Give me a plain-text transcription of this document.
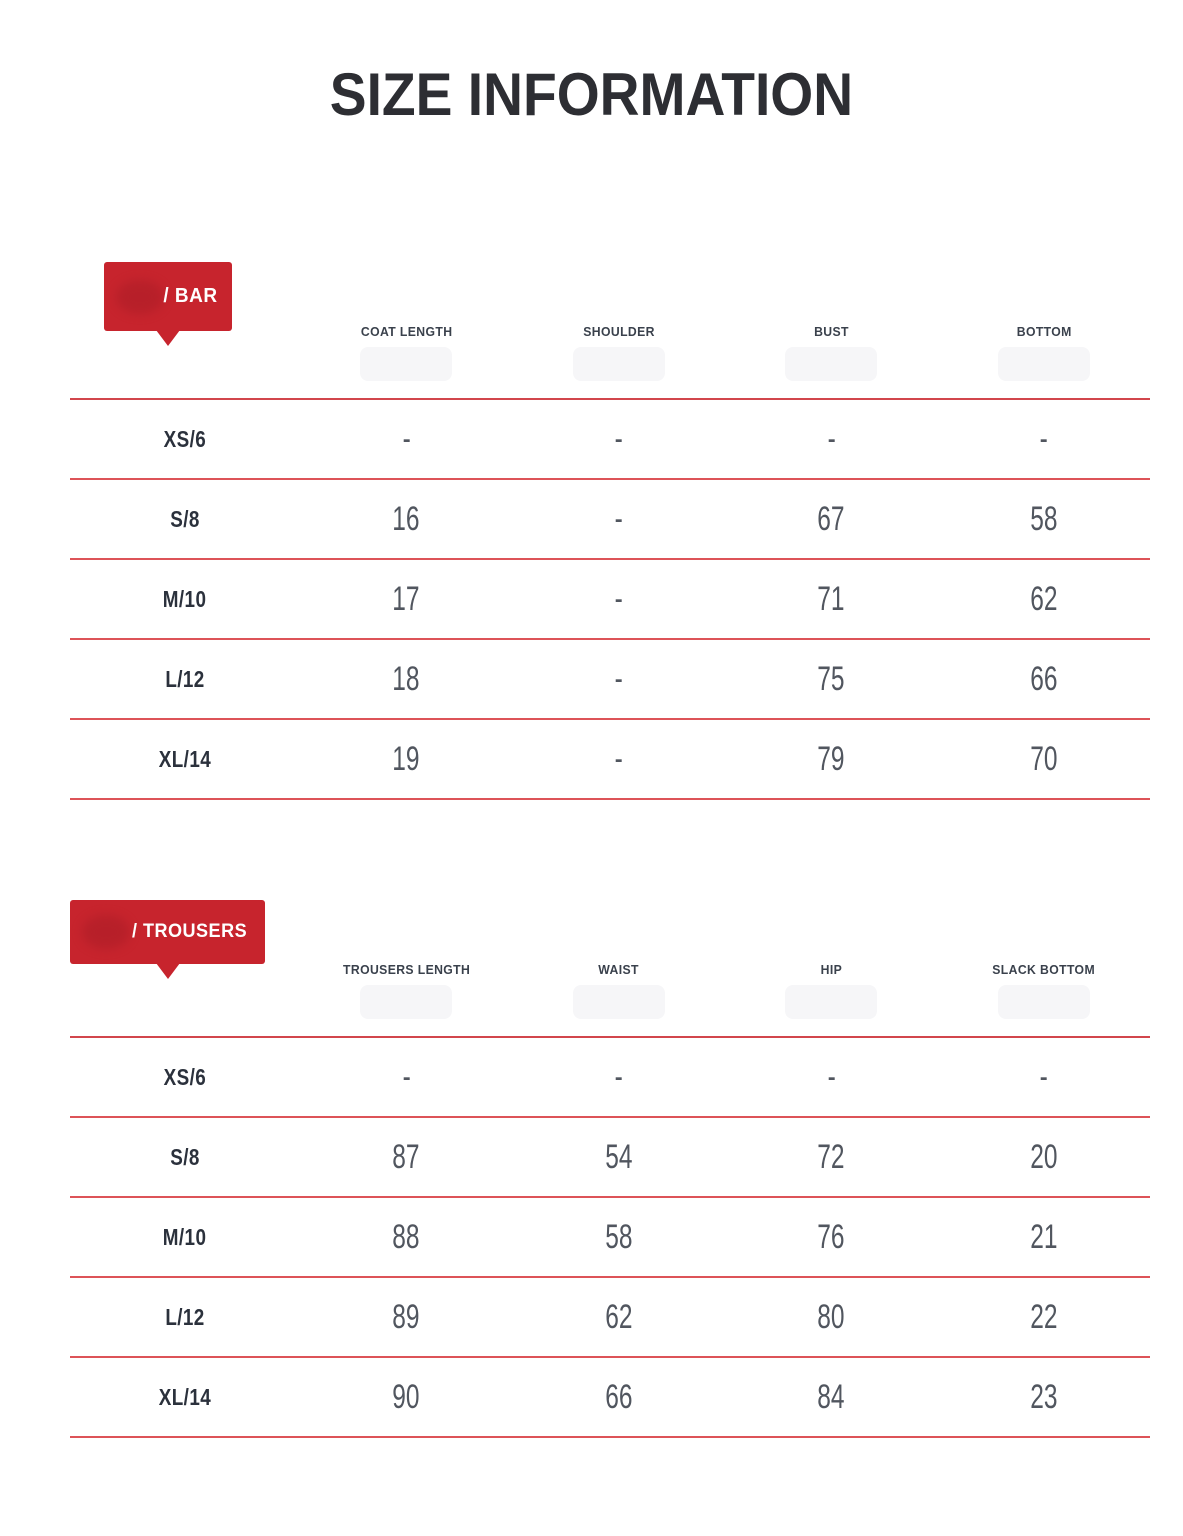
SIZE INFORMATION
/ BAR
COAT LENGTH	SHOULDER	BUST	BOTTOM
XS/6	-	-	-	-
S/8	16	-	67	58
M/10	17	-	71	62
L/12	18	-	75	66
XL/14	19	-	79	70
/ TROUSERS
TROUSERS LENGTH	WAIST	HIP	SLACK BOTTOM
XS/6	-	-	-	-
S/8	87	54	72	20
M/10	88	58	76	21
L/12	89	62	80	22
XL/14	90	66	84	23
